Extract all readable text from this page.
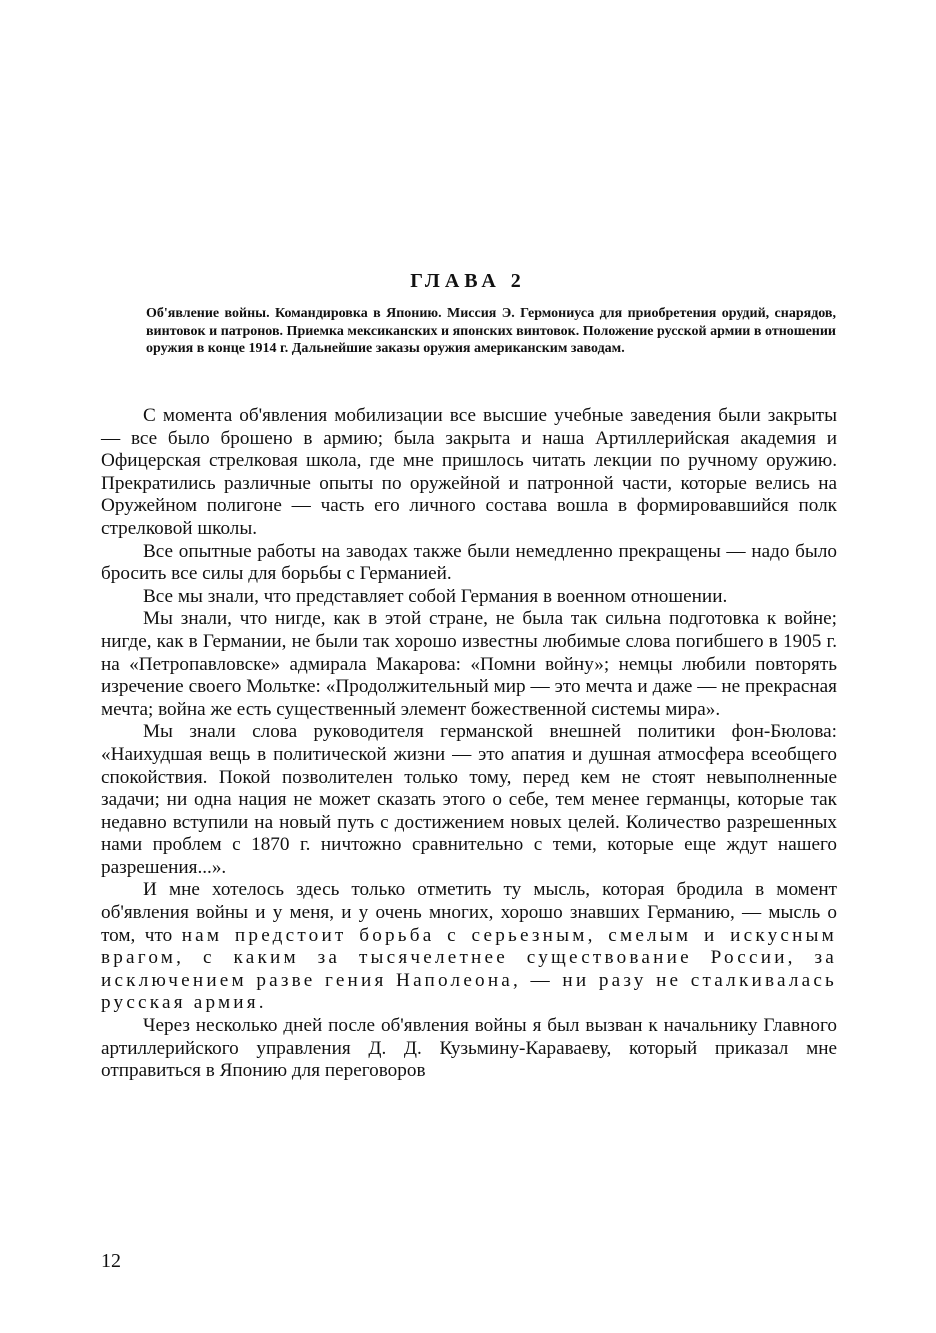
ГЛАВА 2

Об'явление войны. Командировка в Японию. Миссия Э. Гермониуса для приобретения орудий, снарядов, винтовок и патронов. Приемка мексиканских и японских винтовок. Положение русской армии в отношении оружия в конце 1914 г. Дальнейшие заказы оружия американским заводам.

С момента об'явления мобилизации все высшие учебные заведения были закрыты — все было брошено в армию; была закрыта и наша Артиллерийская академия и Офицерская стрелковая школа, где мне пришлось читать лекции по ручному оружию. Прекратились различные опыты по оружейной и патронной части, которые велись на Оружейном полигоне — часть его личного состава вошла в формировавшийся полк стрелковой школы.

Все опытные работы на заводах также были немедленно прекращены — надо было бросить все силы для борьбы с Германией.

Все мы знали, что представляет собой Германия в военном отношении.

Мы знали, что нигде, как в этой стране, не была так сильна подготовка к войне; нигде, как в Германии, не были так хорошо известны любимые слова погибшего в 1905 г. на «Петропавловске» адмирала Макарова: «Помни войну»; немцы любили повторять изречение своего Мольтке: «Продолжительный мир — это мечта и даже — не прекрасная мечта; война же есть существенный элемент божественной системы мира».

Мы знали слова руководителя германской внешней политики фон-Бюлова: «Наихудшая вещь в политической жизни — это апатия и душная атмосфера всеобщего спокойствия. Покой позволителен только тому, перед кем не стоят невыполненные задачи; ни одна нация не может сказать этого о себе, тем менее германцы, которые так недавно вступили на новый путь с достижением новых целей. Количество разрешенных нами проблем с 1870 г. ничтожно сравнительно с теми, которые еще ждут нашего разрешения...».

И мне хотелось здесь только отметить ту мысль, которая бродила в момент об'явления войны и у меня, и у очень многих, хорошо знавших Германию, — мысль о том, что нам предстоит борьба с серьезным, смелым и искусным врагом, с каким за тысячелетнее существование России, за исключением разве гения Наполеона, — ни разу не сталкивалась русская армия.

Через несколько дней после об'явления войны я был вызван к начальнику Главного артиллерийского управления Д. Д. Кузьмину-Караваеву, который приказал мне отправиться в Японию для переговоров

12
